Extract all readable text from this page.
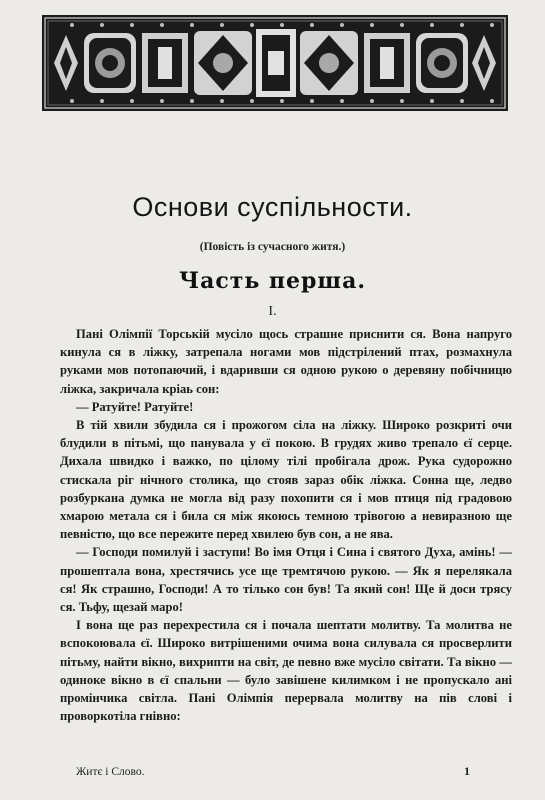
Основи суспільности.
(Повість із сучасного житя.)
Часть перша.
I.

Пані Олімпії Торській мусіло щось страшне приснити ся. Вона напруго кинула ся в ліжку, затрепала ногами мов підстрілений птах, розмахнула руками мов потопаючий, і вдаривши ся одною рукою о деревяну побічницю ліжка, закричала кріаь сон:

— Ратуйте! Ратуйте!

В тій хвили збудила ся і прожогом сіла на ліжку. Широко розкриті очи блудили в пітьмі, що панувала у єї покою. В грудях живо трепало єї серце. Дихала швидко і важко, по цілому тілі пробігала дрож. Рука судорожно стискала ріг нічного столика, що стояв зараз обік ліжка. Сонна ще, ледво розбуркана думка не могла від разу похопити ся і мов птиця під градовою хмарою метала ся і била ся між якоюсь темною трівогою а невиразною ще певністю, що все пережите перед хвилею був сон, а не ява.

— Господи помилуй і заступи! Во імя Отця і Сина і святого Духа, амінь! — прошептала вона, хрестячись усе ще тремтячою рукою. — Як я перелякала ся! Як страшно, Господи! А то тілько сон був! Та який сон! Ще й доси трясу ся. Тьфу, щезай маро!

І вона ще раз перехрестила ся і почала шептати молитву. Та молитва не вспокоювала єї. Широко витрішеними очима вона силувала ся просверлити пітьму, найти вікно, вихрипти на світ, де певно вже мусіло світати. Та вікно — одиноке вікно в єї спальни — було завішене килимком і не пропускало ані промінчика світла. Пані Олімпія перервала молитву на пів слові і проворкотіла гнівно:

Житє і Слово.	1
